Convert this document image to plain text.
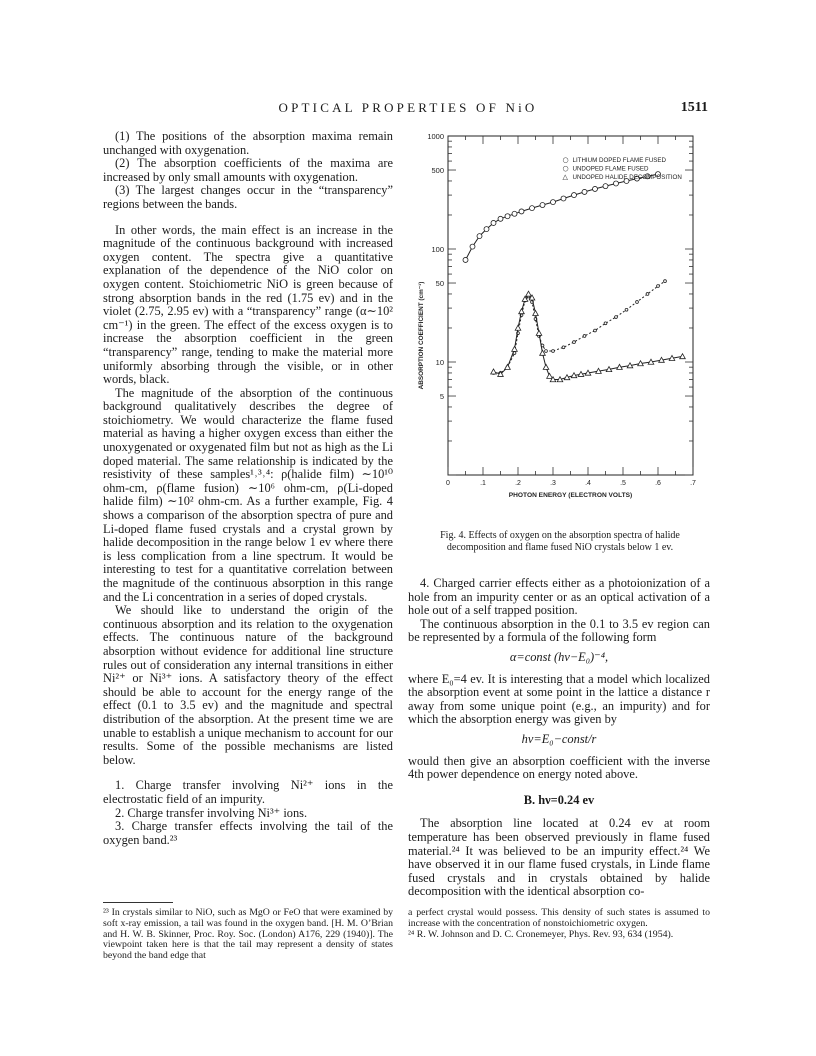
OPTICAL PROPERTIES OF NiO	1511

(1) The positions of the absorption maxima remain unchanged with oxygenation.

(2) The absorption coefficients of the maxima are increased by only small amounts with oxygenation.

(3) The largest changes occur in the “transparency” regions between the bands.

In other words, the main effect is an increase in the magnitude of the continuous background with increased oxygen content. The spectra give a quantitative explanation of the dependence of the NiO color on oxygen content. Stoichiometric NiO is green because of strong absorption bands in the red (1.75 ev) and in the violet (2.75, 2.95 ev) with a “transparency” range (α∼10² cm⁻¹) in the green. The effect of the excess oxygen is to increase the absorption coefficient in the green “transparency” range, tending to make the material more uniformly absorbing through the visible, or in other words, black.

The magnitude of the absorption of the continuous background qualitatively describes the degree of stoichiometry. We would characterize the flame fused material as having a higher oxygen excess than either the unoxygenated or oxygenated film but not as high as the Li doped material. The same relationship is indicated by the resistivity of these samples¹˒³˒⁴: ρ(halide film) ∼10¹⁰ ohm-cm, ρ(flame fusion) ∼10⁶ ohm-cm, ρ(Li-doped halide film) ∼10² ohm-cm. As a further example, Fig. 4 shows a comparison of the absorption spectra of pure and Li-doped flame fused crystals and a crystal grown by halide decomposition in the range below 1 ev where there is less complication from a line spectrum. It would be interesting to test for a quantitative correlation between the magnitude of the continuous absorption in this range and the Li concentration in a series of doped crystals.

We should like to understand the origin of the continuous absorption and its relation to the oxygenation effects. The continuous nature of the background absorption without evidence for additional line structure rules out of consideration any internal transitions in either Ni²⁺ or Ni³⁺ ions. A satisfactory theory of the effect should be able to account for the energy range of the effect (0.1 to 3.5 ev) and the magnitude and spectral distribution of the absorption. At the present time we are unable to establish a unique mechanism to account for our results. Some of the possible mechanisms are listed below.

1. Charge transfer involving Ni²⁺ ions in the electrostatic field of an impurity.

2. Charge transfer involving Ni³⁺ ions.

3. Charge transfer effects involving the tail of the oxygen band.²³

1000
500
100
50
10
5
0	.1	.2	.3	.4	.5	.6	.7
PHOTON ENERGY (ELECTRON VOLTS)
ABSORPTION COEFFICIENT (cm⁻¹)
○ LITHIUM DOPED FLAME FUSED
○ UNDOPED FLAME FUSED
△ UNDOPED HALIDE DECOMPOSITION
Fig. 4. Effects of oxygen on the absorption spectra of halide decomposition and flame fused NiO crystals below 1 ev.

4. Charged carrier effects either as a photoionization of a hole from an impurity center or as an optical activation of a hole out of a self trapped position.

The continuous absorption in the 0.1 to 3.5 ev region can be represented by a formula of the following form

α=const (hν−E₀)⁻⁴,

where E₀=4 ev. It is interesting that a model which localized the absorption event at some point in the lattice a distance r away from some unique point (e.g., an impurity) and for which the absorption energy was given by

hν=E₀−const/r

would then give an absorption coefficient with the inverse 4th power dependence on energy noted above.

B. hν=0.24 ev

The absorption line located at 0.24 ev at room temperature has been observed previously in flame fused material.²⁴ It was believed to be an impurity effect.²⁴ We have observed it in our flame fused crystals, in Linde flame fused crystals and in crystals obtained by halide decomposition with the identical absorption co-

²³ In crystals similar to NiO, such as MgO or FeO that were examined by soft x-ray emission, a tail was found in the oxygen band. [H. M. O’Brian and H. W. B. Skinner, Proc. Roy. Soc. (London) A176, 229 (1940)]. The viewpoint taken here is that the tail may represent a density of states beyond the band edge that

a perfect crystal would possess. This density of such states is assumed to increase with the concentration of nonstoichiometric oxygen.

²⁴ R. W. Johnson and D. C. Cronemeyer, Phys. Rev. 93, 634 (1954).
